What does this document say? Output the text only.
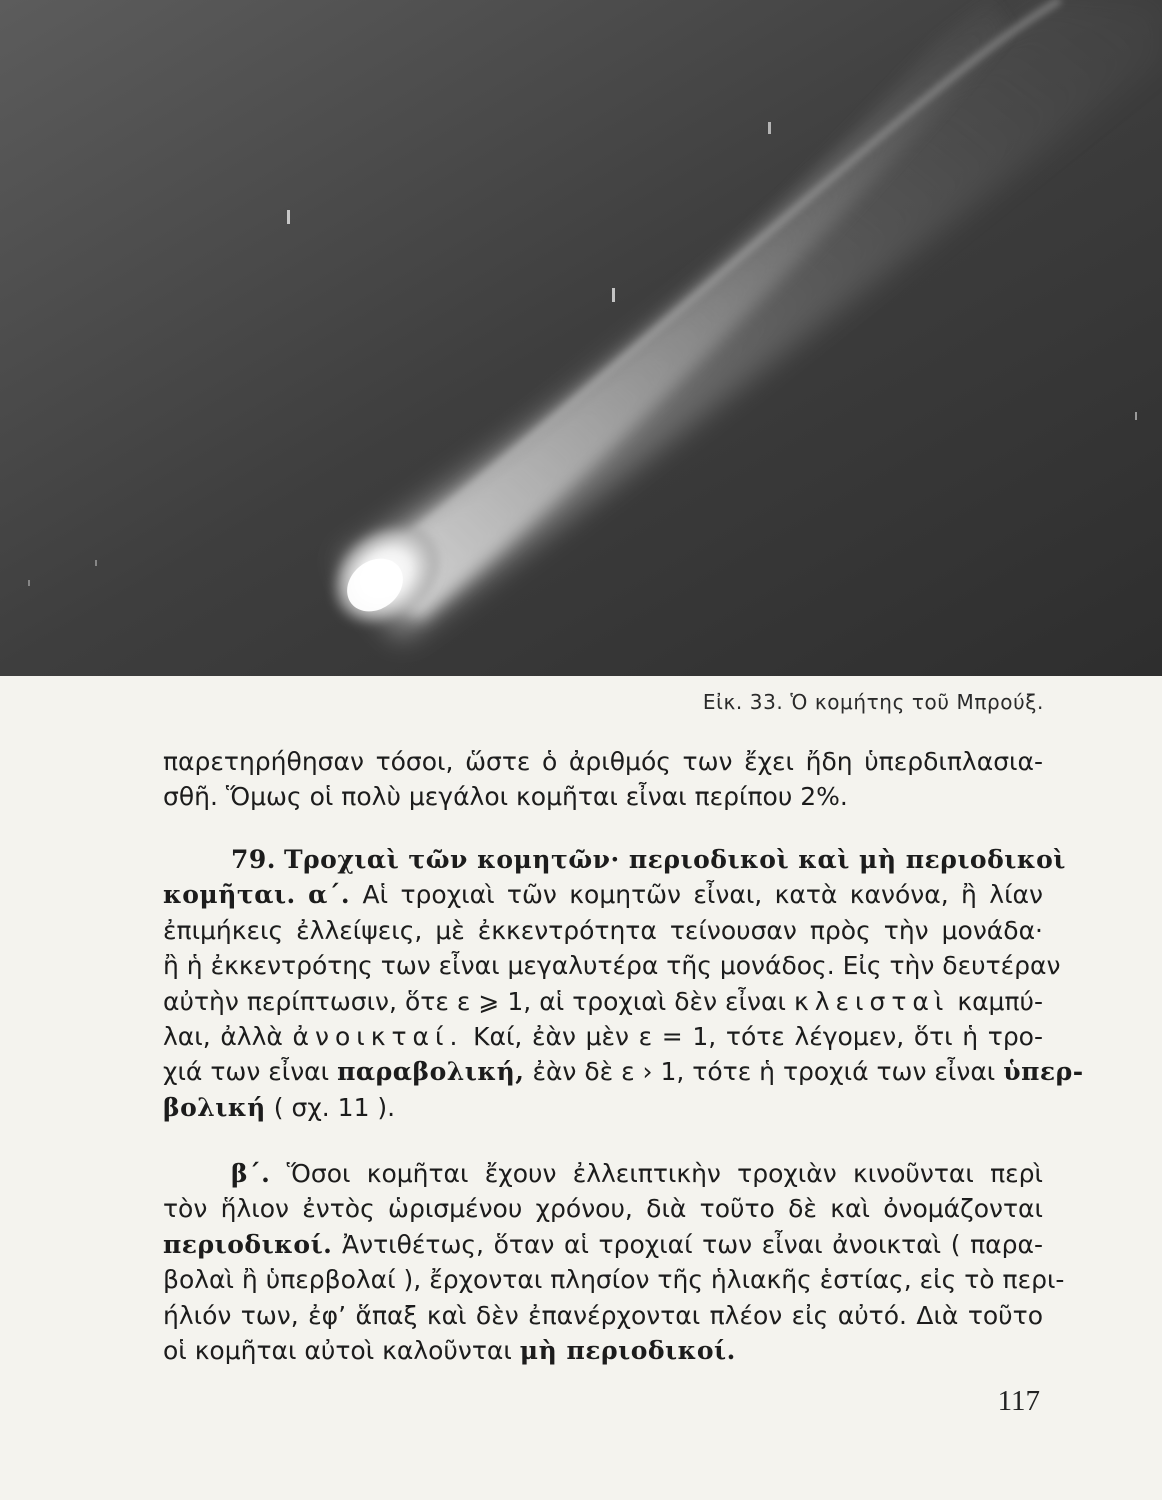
Εἰκ. 33. Ὁ κομήτης τοῦ Μπρούξ.
παρετηρήθησαν τόσοι, ὥστε ὁ ἀριθμός των ἔχει ἤδη ὑπερδιπλασια-
σθῆ. Ὅμως οἱ πολὺ μεγάλοι κομῆται εἶναι περίπου 2%.
79. Τροχιαὶ τῶν κομητῶν· περιοδικοὶ καὶ μὴ περιοδικοὶ
κομῆται. α΄. Αἱ τροχιαὶ τῶν κομητῶν εἶναι, κατὰ κανόνα, ἢ λίαν
ἐπιμήκεις ἐλλείψεις, μὲ ἐκκεντρότητα τείνουσαν πρὸς τὴν μονάδα·
ἢ ἡ ἐκκεντρότης των εἶναι μεγαλυτέρα τῆς μονάδος. Εἰς τὴν δευτέραν
αὐτὴν περίπτωσιν, ὅτε ε ⩾ 1, αἱ τροχιαὶ δὲν εἶναι κλεισταὶ καμπύ-
λαι, ἀλλὰ ἀνοικταί. Καί, ἐὰν μὲν ε = 1, τότε λέγομεν, ὅτι ἡ τρο-
χιά των εἶναι παραβολική, ἐὰν δὲ ε › 1, τότε ἡ τροχιά των εἶναι ὑπερ-
βολική ( σχ. 11 ).
β΄. Ὅσοι κομῆται ἔχουν ἐλλειπτικὴν τροχιὰν κινοῦνται περὶ
τὸν ἥλιον ἐντὸς ὡρισμένου χρόνου, διὰ τοῦτο δὲ καὶ ὀνομάζονται
περιοδικοί. Ἀντιθέτως, ὅταν αἱ τροχιαί των εἶναι ἀνοικταὶ ( παρα-
βολαὶ ἢ ὑπερβολαί ), ἔρχονται πλησίον τῆς ἡλιακῆς ἑστίας, εἰς τὸ περι-
ήλιόν των, ἐφ’ ἅπαξ καὶ δὲν ἐπανέρχονται πλέον εἰς αὐτό. Διὰ τοῦτο
οἱ κομῆται αὐτοὶ καλοῦνται μὴ περιοδικοί.
117
